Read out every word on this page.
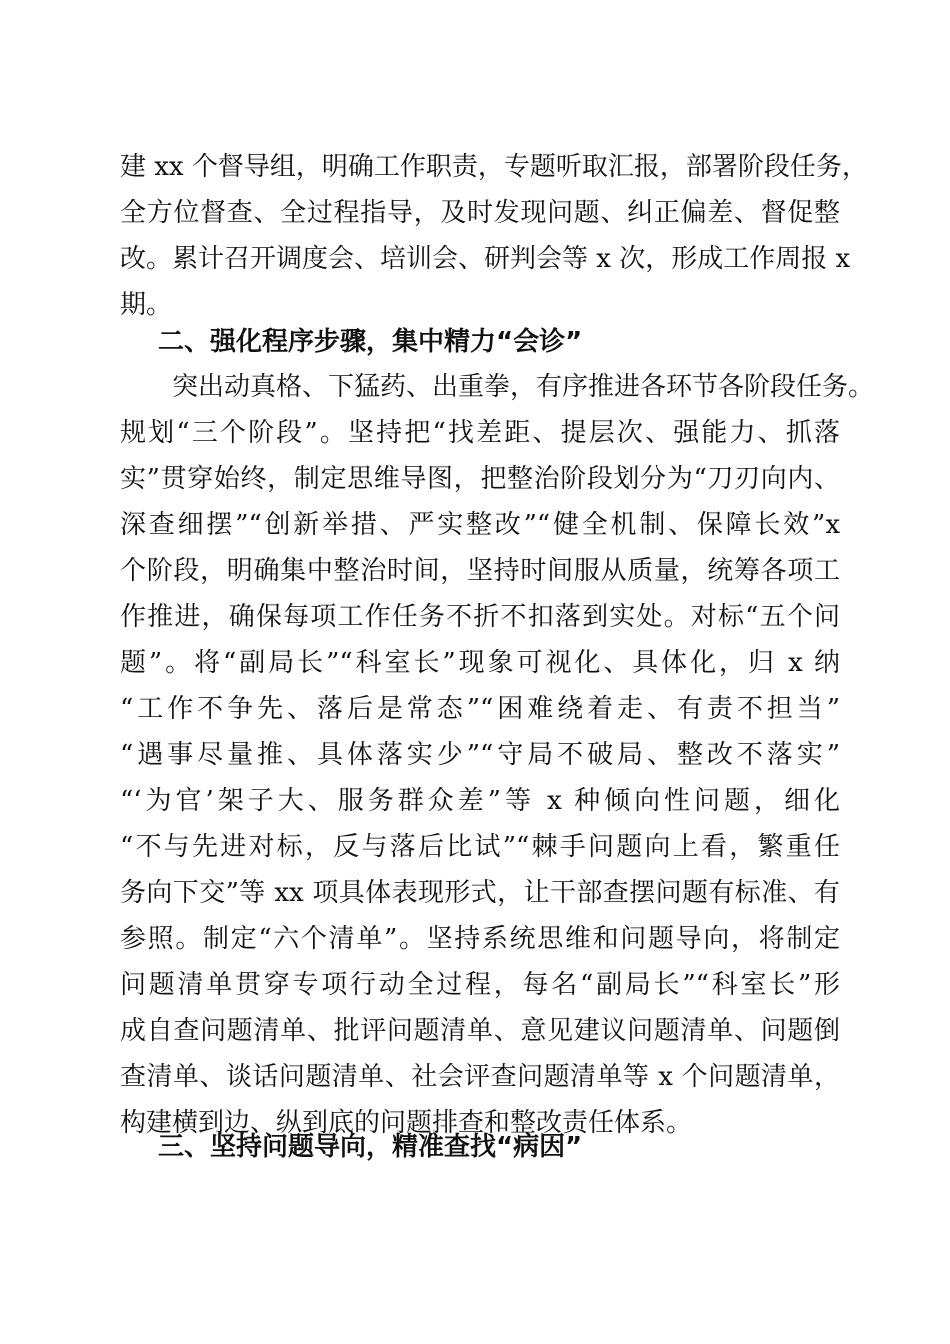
建 xx 个督导组，明确工作职责，专题听取汇报，部署阶段任务，
全方位督查、全过程指导，及时发现问题、纠正偏差、督促整
改。累计召开调度会、培训会、研判会等 x 次，形成工作周报 x
期。
二、强化程序步骤，集中精力“会诊”
　　突出动真格、下猛药、出重拳，有序推进各环节各阶段任务。
规划“三个阶段”。坚持把“找差距、提层次、强能力、抓落
实”贯穿始终，制定思维导图，把整治阶段划分为“刀刃向内、
深查细摆”“创新举措、严实整改”“健全机制、保障长效”x
个阶段，明确集中整治时间，坚持时间服从质量，统筹各项工
作推进，确保每项工作任务不折不扣落到实处。对标“五个问
题”。将“副局长”“科室长”现象可视化、具体化，归 x 纳
“工作不争先、落后是常态”“困难绕着走、有责不担当”
“遇事尽量推、具体落实少”“守局不破局、整改不落实”
“‘为官’架子大、服务群众差”等 x 种倾向性问题，细化
“不与先进对标，反与落后比试”“棘手问题向上看，繁重任
务向下交”等 xx 项具体表现形式，让干部查摆问题有标准、有
参照。制定“六个清单”。坚持系统思维和问题导向，将制定
问题清单贯穿专项行动全过程，每名“副局长”“科室长”形
成自查问题清单、批评问题清单、意见建议问题清单、问题倒
查清单、谈话问题清单、社会评查问题清单等 x 个问题清单，
构建横到边、纵到底的问题排查和整改责任体系。
三、坚持问题导向，精准查找“病因”
